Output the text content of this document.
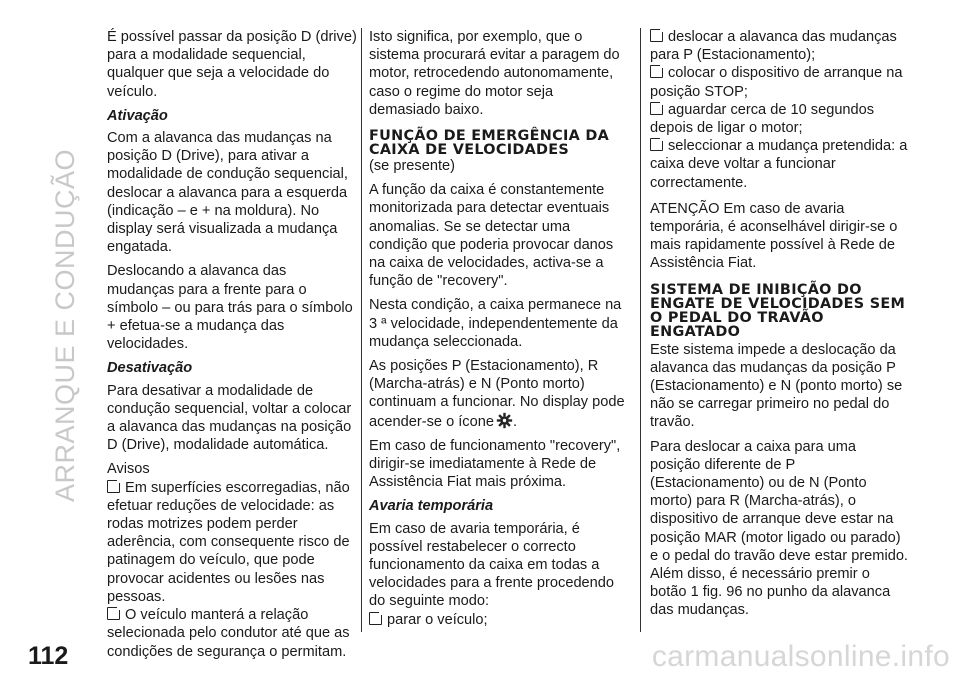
ARRANQUE E CONDUÇÃO
112

É possível passar da posição D (drive) para a modalidade sequencial, qualquer que seja a velocidade do veículo.

Ativação

Com a alavanca das mudanças na posição D (Drive), para ativar a modalidade de condução sequencial, deslocar a alavanca para a esquerda (indicação – e + na moldura). No display será visualizada a mudança engatada.

Deslocando a alavanca das mudanças para a frente para o símbolo – ou para trás para o símbolo + efetua-se a mudança das velocidades.

Desativação

Para desativar a modalidade de condução sequencial, voltar a colocar a alavanca das mudanças na posição D (Drive), modalidade automática.

Avisos

Em superfícies escorregadias, não efetuar reduções de velocidade: as rodas motrizes podem perder aderência, com consequente risco de patinagem do veículo, que pode provocar acidentes ou lesões nas pessoas.

O veículo manterá a relação selecionada pelo condutor até que as condições de segurança o permitam.

Isto significa, por exemplo, que o sistema procurará evitar a paragem do motor, retrocedendo autonomamente, caso o regime do motor seja demasiado baixo.

FUNÇÃO DE EMERGÊNCIA DA CAIXA DE VELOCIDADES

(se presente)

A função da caixa é constantemente monitorizada para detectar eventuais anomalias. Se se detectar uma condição que poderia provocar danos na caixa de velocidades, activa-se a função de "recovery".

Nesta condição, a caixa permanece na 3 ª velocidade, independentemente da mudança seleccionada.

As posições P (Estacionamento), R (Marcha-atrás) e N (Ponto morto) continuam a funcionar. No display pode acender-se o ícone .

Em caso de funcionamento "recovery", dirigir-se imediatamente à Rede de Assistência Fiat mais próxima.

Avaria temporária

Em caso de avaria temporária, é possível restabelecer o correcto funcionamento da caixa em todas a velocidades para a frente procedendo do seguinte modo:

parar o veículo;

deslocar a alavanca das mudanças para P (Estacionamento);

colocar o dispositivo de arranque na posição STOP;

aguardar cerca de 10 segundos depois de ligar o motor;

seleccionar a mudança pretendida: a caixa deve voltar a funcionar correctamente.

ATENÇÃO Em caso de avaria temporária, é aconselhável dirigir-se o mais rapidamente possível à Rede de Assistência Fiat.

SISTEMA DE INIBIÇÃO DO ENGATE DE VELOCIDADES SEM O PEDAL DO TRAVÃO ENGATADO

Este sistema impede a deslocação da alavanca das mudanças da posição P (Estacionamento) e N (ponto morto) se não se carregar primeiro no pedal do travão.

Para deslocar a caixa para uma posição diferente de P (Estacionamento) ou de N (Ponto morto) para R (Marcha-atrás), o dispositivo de arranque deve estar na posição MAR (motor ligado ou parado) e o pedal do travão deve estar premido. Além disso, é necessário premir o botão 1 fig. 96 no punho da alavanca das mudanças.

carmanualsonline.info
